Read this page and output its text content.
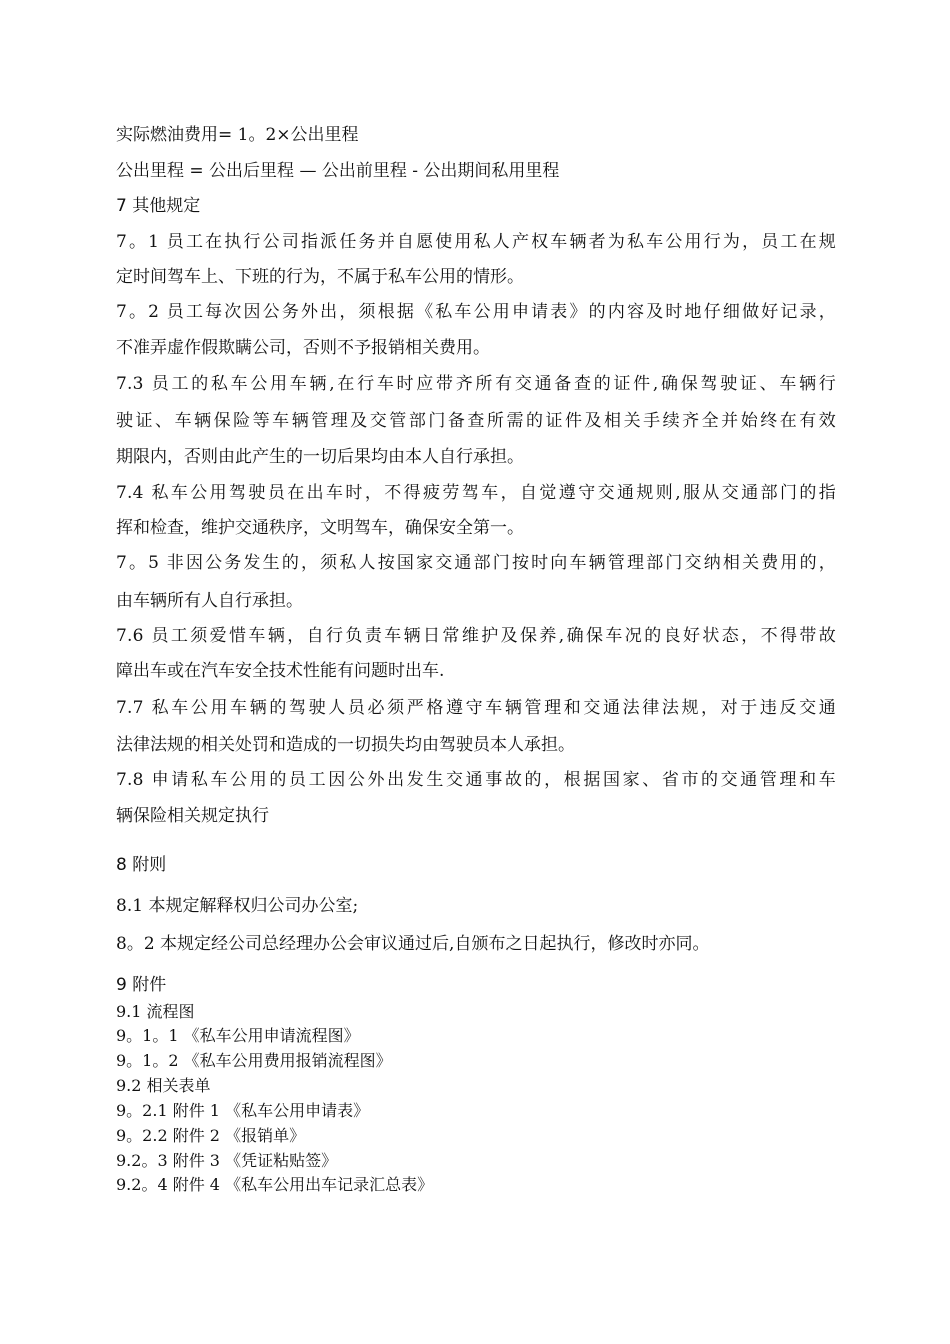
实际燃油费用= 1。2×公出里程
公出里程 = 公出后里程 — 公出前里程 - 公出期间私用里程
7 其他规定
7。1 员工在执行公司指派任务并自愿使用私人产权车辆者为私车公用行为，员工在规
定时间驾车上、下班的行为，不属于私车公用的情形。
7。2 员工每次因公务外出，须根据《私车公用申请表》的内容及时地仔细做好记录，
不准弄虚作假欺瞒公司，否则不予报销相关费用。
7.3 员工的私车公用车辆,在行车时应带齐所有交通备查的证件,确保驾驶证、车辆行
驶证、车辆保险等车辆管理及交管部门备查所需的证件及相关手续齐全并始终在有效
期限内，否则由此产生的一切后果均由本人自行承担。
7.4 私车公用驾驶员在出车时，不得疲劳驾车，自觉遵守交通规则,服从交通部门的指
挥和检查，维护交通秩序，文明驾车，确保安全第一。
7。5 非因公务发生的，须私人按国家交通部门按时向车辆管理部门交纳相关费用的，
由车辆所有人自行承担。
7.6 员工须爱惜车辆，自行负责车辆日常维护及保养,确保车况的良好状态，不得带故
障出车或在汽车安全技术性能有问题时出车.
7.7 私车公用车辆的驾驶人员必须严格遵守车辆管理和交通法律法规，对于违反交通
法律法规的相关处罚和造成的一切损失均由驾驶员本人承担。
7.8 申请私车公用的员工因公外出发生交通事故的，根据国家、省市的交通管理和车
辆保险相关规定执行
8 附则
8.1 本规定解释权归公司办公室;
8。2 本规定经公司总经理办公会审议通过后,自颁布之日起执行，修改时亦同。
9 附件
9.1 流程图
9。1。1 《私车公用申请流程图》
9。1。2 《私车公用费用报销流程图》
9.2 相关表单
9。2.1 附件 1 《私车公用申请表》
9。2.2 附件 2 《报销单》
9.2。3 附件 3 《凭证粘贴签》
9.2。4 附件 4 《私车公用出车记录汇总表》
